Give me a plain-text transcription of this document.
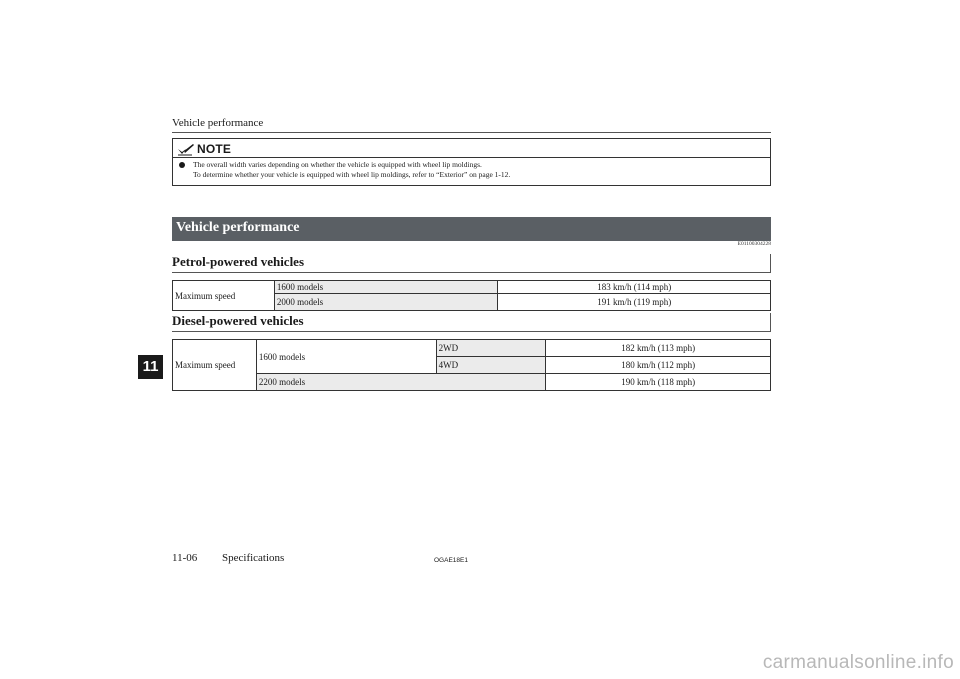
Vehicle performance
NOTE
The overall width varies depending on whether the vehicle is equipped with wheel lip moldings.
To determine whether your vehicle is equipped with wheel lip moldings, refer to “Exterior” on page 1-12.
Vehicle performance
E01100304228
Petrol-powered vehicles
Maximum speed	1600 models	183 km/h (114 mph)
	2000 models	191 km/h (119 mph)
Diesel-powered vehicles
Maximum speed	1600 models	2WD	182 km/h (113 mph)
		4WD	180 km/h (112 mph)
	2200 models		190 km/h (118 mph)
11
11-06 Specifications	OGAE18E1
carmanualsonline.info
